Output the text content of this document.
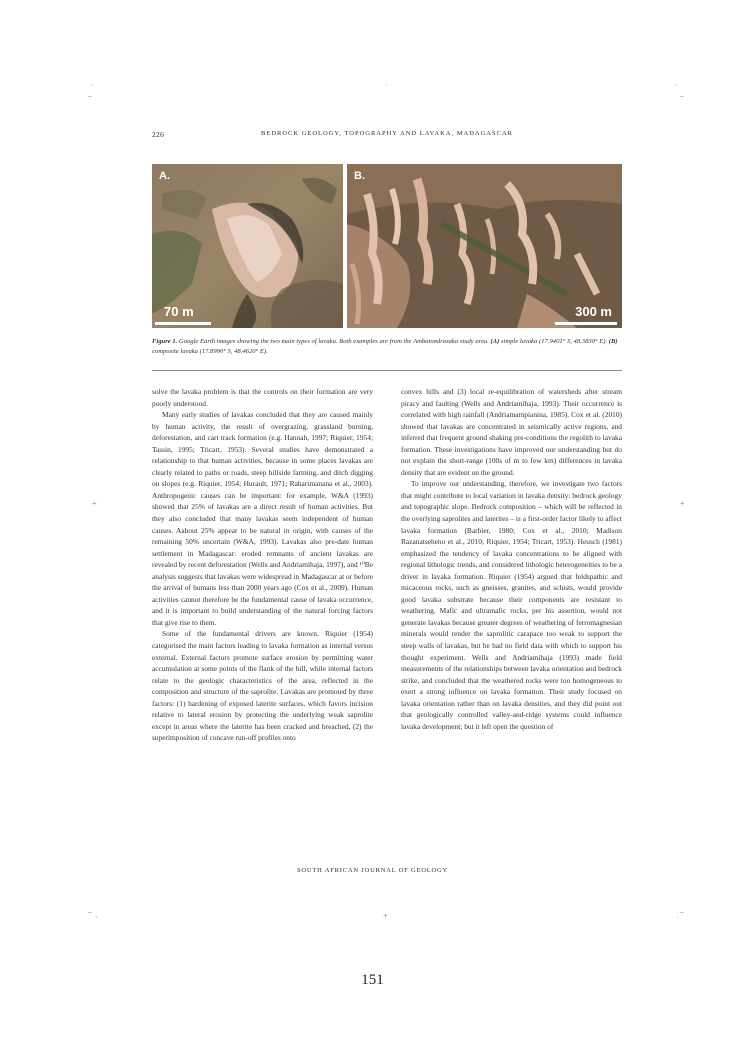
˙
–
˙	˙
–
+	+
–
˙	+	–
˙
226	BEDROCK GEOLOGY, TOPOGRAPHY AND LAVAKA, MADAGASCAR
A.
70 m
B.
300 m
Figure 1. Google Earth images showing the two main types of lavaka. Both examples are from the Ambatondrazaka study area. (A) simple lavaka (17.9401° S, 48.3830° E). (B) composite lavaka (17.8990° S, 48.4620° E).

solve the lavaka problem is that the controls on their formation are very poorly understood.

Many early studies of lavakas concluded that they are caused mainly by human activity, the result of overgrazing, grassland burning, deforestation, and cart track formation (e.g. Hannah, 1997; Riquier, 1954; Tassin, 1995; Tricart, 1953). Several studies have demonstrated a relationship to that human activities, because in some places lavakas are clearly related to paths or roads, steep hillside farming, and ditch digging on slopes (e.g. Riquier, 1954; Hurault, 1971; Raharimanana et al., 2003). Anthropogenic causes can be important: for example, W&A (1993) showed that 25% of lavakas are a direct result of human activities. But they also concluded that many lavakas seem independent of human causes. Aabout 25% appear to be natural in origin, with causes of the remaining 50% uncertain (W&A, 1993). Lavakas also pre-date human settlement in Madagascar: eroded remnants of ancient lavakas are revealed by recent deforestation (Wells and Andriamihaja, 1997), and ¹⁰Be analysis suggests that lavakas were widespread in Madagascar at or before the arrival of humans less than 2000 years ago (Cox et al., 2009). Human activities cannot therefore be the fundamental cause of lavaka occurrence, and it is important to build understanding of the natural forcing factors that give rise to them.

Some of the fundamental drivers are known. Riquier (1954) categorised the main factors leading to lavaka formation as internal versus external. External factors promote surface erosion by permitting water accumulation at some points of the flank of the hill, while internal factors relate to the geologic characteristics of the area, reflected in the composition and structure of the saprolite. Lavakas are promoted by three factors: (1) hardening of exposed laterite surfaces, which favors incision relative to lateral erosion by protecting the underlying weak saprolite except in areas where the laterite has been cracked and breached, (2) the superimposition of concave run-off profiles onto

convex hills and (3) local re-equilibration of watersheds after stream piracy and faulting (Wells and Andriamihaja, 1993). Their occurrence is correlated with high rainfall (Andriamampianina, 1985). Cox et al. (2010) showed that lavakas are concentrated in seismically active regions, and inferred that frequent ground shaking pre-conditions the regolith to lavaka formation. These investigations have improved our understanding but do not explain the short-range (100s of m to few km) differences in lavaka density that are evident on the ground.

To improve our understanding, therefore, we investigate two factors that might contribute to local variation in lavaka density: bedrock geology and topographic slope. Bedrock composition – which will be reflected in the overlying saprolites and laterites – is a first-order factor likely to affect lavaka formation (Barbier, 1980; Cox et al., 2010; Madison Razanatseheno et al., 2010; Riquier, 1954; Tricart, 1953). Heusch (1981) emphasized the tendency of lavaka concentrations to be aligned with regional lithologic trends, and considered lithologic heterogeneities to be a driver in lavaka formation. Riquier (1954) argued that feldspathic and micaceous rocks, such as gneisses, granites, and schists, would provide good lavaka substrate because their components are resistant to weathering. Mafic and ultramafic rocks, per his assertion, would not generate lavakas because greater degrees of weathering of ferromagnesian minerals would render the saprolitic carapace too weak to support the steep walls of lavakas, but he had no field data with which to support his thought experiment. Wells and Andriamihaja (1993) made field measurements of the relationships between lavaka orientation and bedrock strike, and concluded that the weathered rocks were too homogeneous to exert a strong influence on lavaka formation. Their study focused on lavaka orientation rather than on lavaka densities, and they did point out that geologically controlled valley-and-ridge systems could influence lavaka development; but it left open the question of

SOUTH AFRICAN JOURNAL OF GEOLOGY
151
